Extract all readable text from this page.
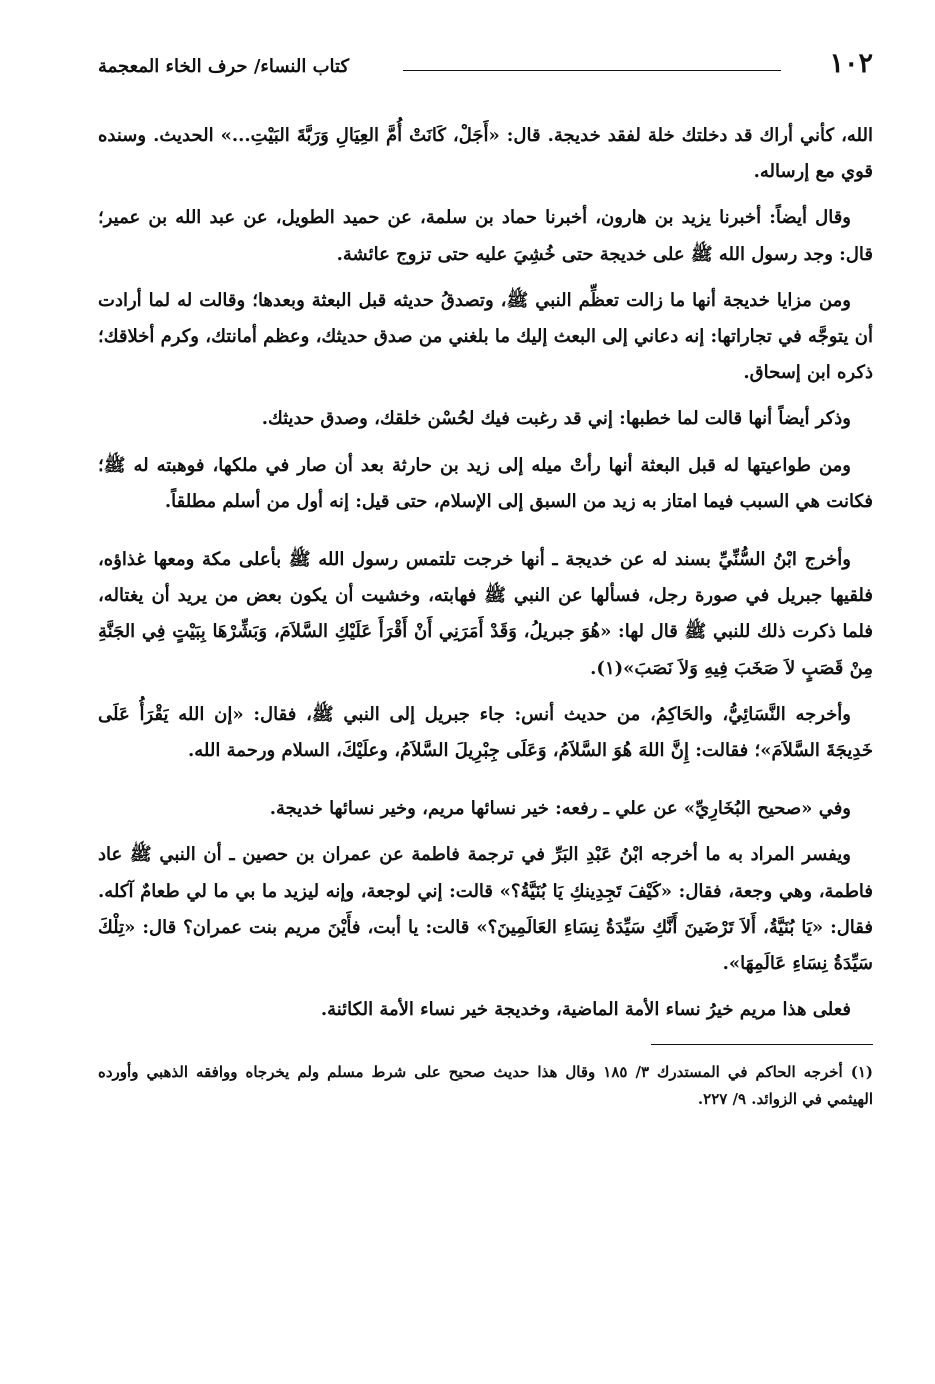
١٠٢
كتاب النساء/ حرف الخاء المعجمة

الله، كأني أراك قد دخلتك خلة لفقد خديجة. قال: «أَجَلْ، كَانَتْ أُمَّ العِيَالِ وَرَبَّةَ البَيْتِ...» الحديث. وسنده قوي مع إرساله.

وقال أيضاً: أخبرنا يزيد بن هارون، أخبرنا حماد بن سلمة، عن حميد الطويل، عن عبد الله بن عمير؛ قال: وجد رسول الله ﷺ على خديجة حتى خُشِيَ عليه حتى تزوج عائشة.

ومن مزايا خديجة أنها ما زالت تعظِّم النبي ﷺ، وتصدقُ حديثه قبل البعثة وبعدها؛ وقالت له لما أرادت أن يتوجَّه في تجاراتها: إنه دعاني إلى البعث إليك ما بلغني من صدق حديثك، وعظم أمانتك، وكرم أخلاقك؛ ذكره ابن إسحاق.

وذكر أيضاً أنها قالت لما خطبها: إني قد رغبت فيك لحُسْن خلقك، وصدق حديثك.

ومن طواعيتها له قبل البعثة أنها رأتْ ميله إلى زيد بن حارثة بعد أن صار في ملكها، فوهبته له ﷺ؛ فكانت هي السبب فيما امتاز به زيد من السبق إلى الإسلام، حتى قيل: إنه أول من أسلم مطلقاً.

وأخرج ابْنُ السُّنِّيِّ بسند له عن خديجة ـ أنها خرجت تلتمس رسول الله ﷺ بأعلى مكة ومعها غذاؤه، فلقيها جبريل في صورة رجل، فسألها عن النبي ﷺ فهابته، وخشيت أن يكون بعض من يريد أن يغتاله، فلما ذكرت ذلك للنبي ﷺ قال لها: «هُوَ جبريلُ، وَقَدْ أَمَرَنِي أَنْ أَقْرَأَ عَلَيْكِ السَّلاَمَ، وَبَشِّرْهَا بِبَيْتٍ فِي الجَنَّةِ مِنْ قَصَبٍ لاَ صَخَبَ فِيهِ وَلاَ نَصَبَ»(١).

وأخرجه النَّسَائِيُّ، والحَاكِمُ، من حديث أنس: جاء جبريل إلى النبي ﷺ، فقال: «إن الله يَقْرَأُ عَلَى خَدِيجَةَ السَّلاَمَ»؛ فقالت: إِنَّ اللهَ هُوَ السَّلاَمُ، وَعَلَى جِبْرِيلَ السَّلاَمُ، وعلَيْكَ، السلام ورحمة الله.

وفي «صحيح البُخَارِيِّ» عن علي ـ رفعه: خير نسائها مريم، وخير نسائها خديجة.

ويفسر المراد به ما أخرجه ابْنُ عَبْدِ البَرِّ في ترجمة فاطمة عن عمران بن حصين ـ أن النبي ﷺ عاد فاطمة، وهي وجعة، فقال: «كَيْفَ تَجِدِينكِ يَا بُنَيَّةُ؟» قالت: إني لوجعة، وإنه ليزيد ما بي ما لي طعامٌ آكله. فقال: «يَا بُنَيَّةُ، أَلاَ تَرْضَينَ أَنَّكِ سَيِّدَةُ نِسَاءِ العَالَمِينَ؟» قالت: يا أبت، فأَيْنَ مريم بنت عمران؟ قال: «تِلْكَ سَيِّدَةُ نِسَاءِ عَالَمِهَا».

فعلى هذا مريم خيرُ نساء الأمة الماضية، وخديجة خير نساء الأمة الكائنة.

(١) أخرجه الحاكم في المستدرك ٣/ ١٨٥ وقال هذا حديث صحيح على شرط مسلم ولم يخرجاه ووافقه الذهبي وأورده الهيثمي في الزوائد. ٩/ ٢٢٧.
